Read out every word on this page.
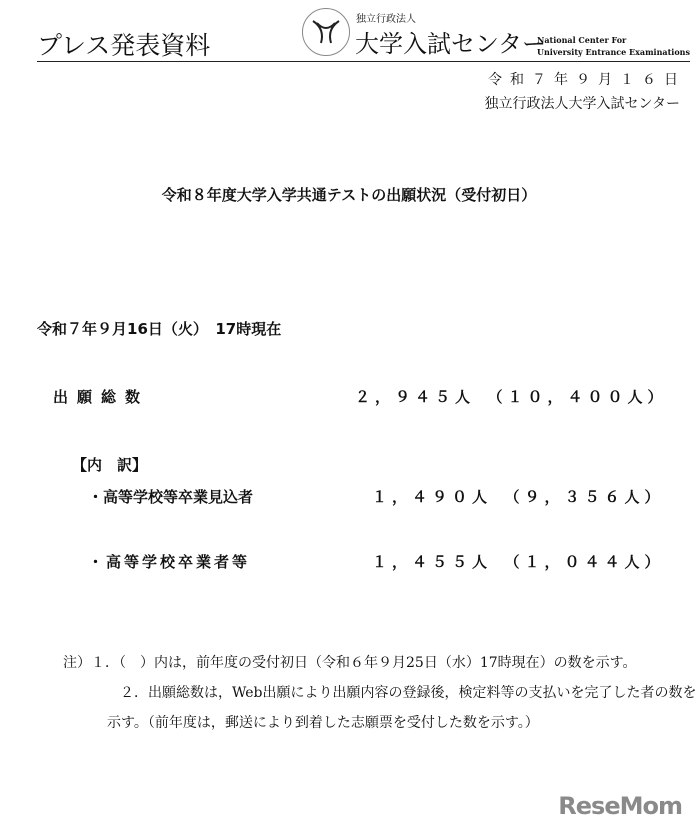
プレス発表資料
独立行政法人
大学入試センター
National Center For
University Entrance Examinations
令和７年９月１６日
独立行政法人大学入試センター
令和８年度大学入学共通テストの出願状況（受付初日）
令和７年９月16日（火）　17時現在
出願総数	２，９４５人　（１０，４００人）
【内　訳】
・高等学校等卒業見込者	１，４９０人　（９，３５６人）
・高等学校卒業者等	１，４５５人　（１，０４４人）
注）１．（　）内は，前年度の受付初日（令和６年９月25日（水）17時現在）の数を示す。
２．出願総数は，Web出願により出願内容の登録後，検定料等の支払いを完了した者の数を
示す。（前年度は，郵送により到着した志願票を受付した数を示す。）
ReseMom
